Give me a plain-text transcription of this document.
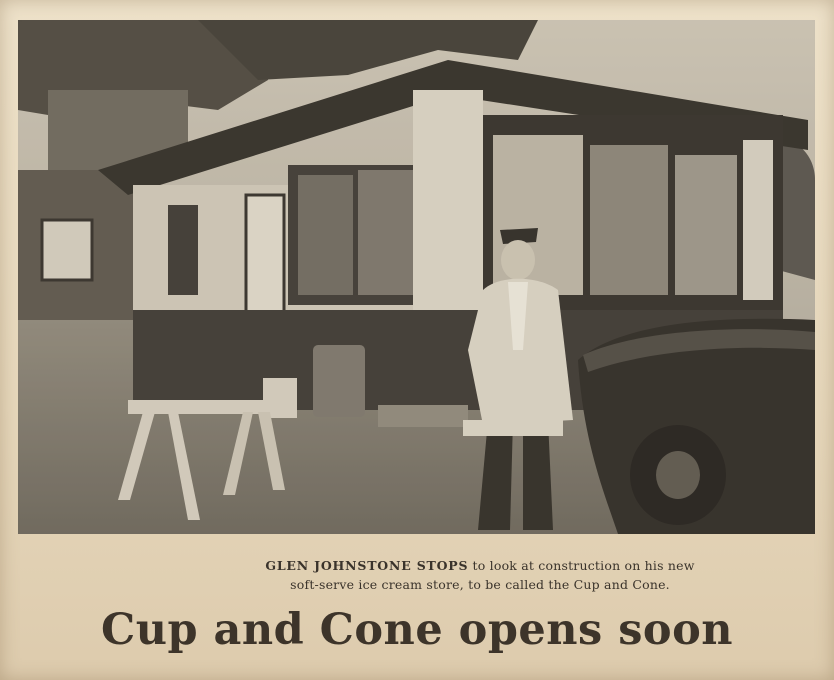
GLEN JOHNSTONE STOPS to look at construction on his new
soft-serve ice cream store, to be called the Cup and Cone.
Cup and Cone opens soon
